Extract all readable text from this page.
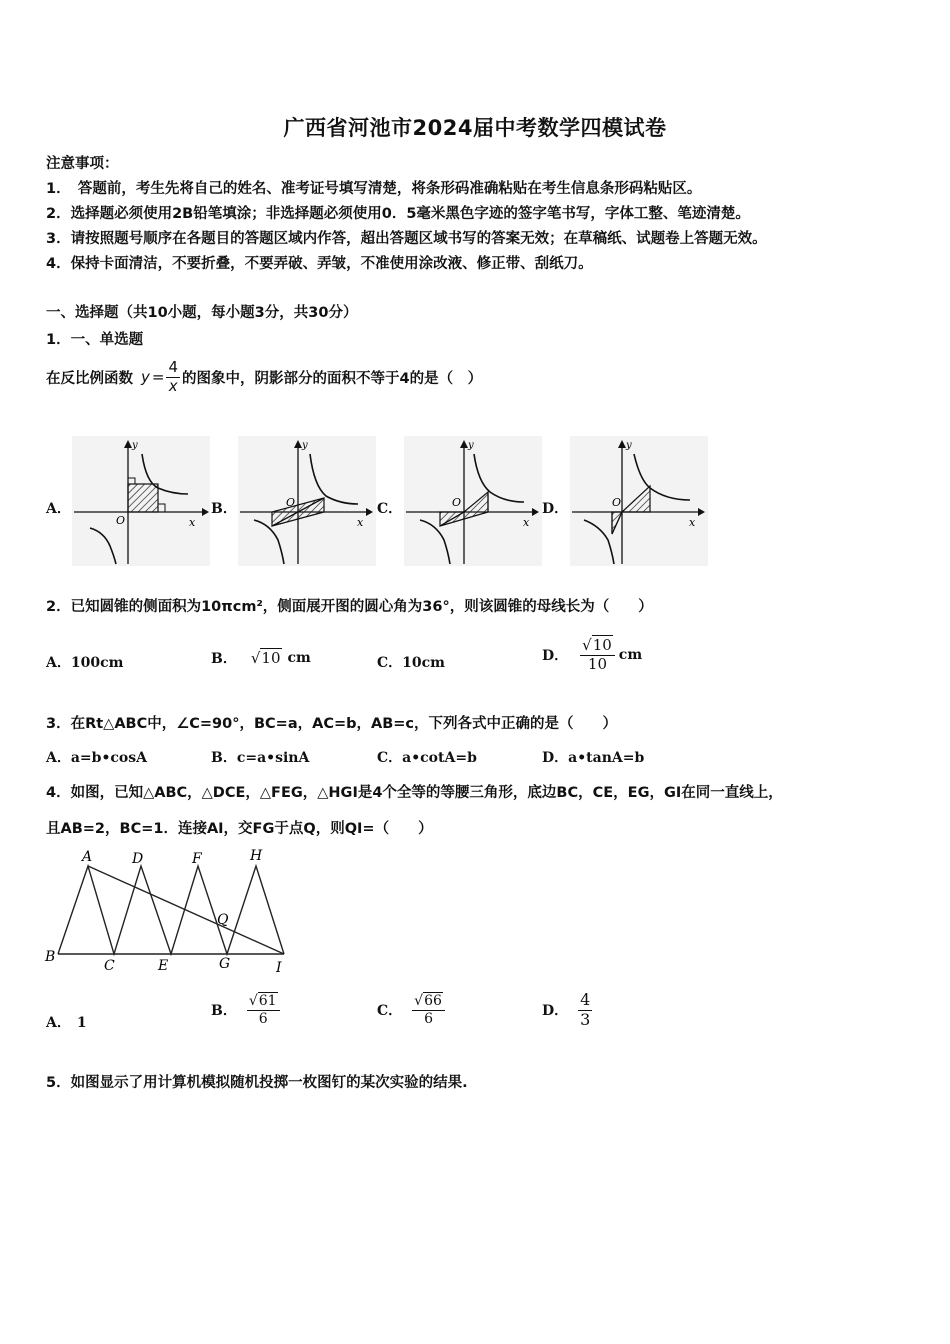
广西省河池市2024届中考数学四模试卷
注意事项：
1．　答题前，考生先将自己的姓名、准考证号填写清楚，将条形码准确粘贴在考生信息条形码粘贴区。
2．选择题必须使用2B铅笔填涂；非选择题必须使用0．5毫米黑色字迹的签字笔书写，字体工整、笔迹清楚。
3．请按照题号顺序在各题目的答题区域内作答，超出答题区域书写的答案无效；在草稿纸、试题卷上答题无效。
4．保持卡面清洁，不要折叠，不要弄破、弄皱，不准使用涂改液、修正带、刮纸刀。
一、选择题（共10小题，每小题3分，共30分）
1．一、单选题
在反比例函数 $y = \frac{4}{x}$ 的图象中，阴影部分的面积不等于4的是（　）
A．	B．	C．	D．
y
x
O
y
x
O
y
x
O
y
x
O
2．已知圆锥的侧面积为10πcm²，侧面展开图的圆心角为36°，则该圆锥的母线长为（　　）
A．100cm	B． √10 cm	C．10cm	D． $\frac{√10}{10}$ cm
3．在Rt△ABC中，∠C=90°，BC=a，AC=b，AB=c，下列各式中正确的是（　　）
A．a=b•cosA	B．c=a•sinA	C．a•cotA=b	D．a•tanA=b
4．如图，已知△ABC，△DCE，△FEG，△HGI是4个全等的等腰三角形，底边BC，CE，EG，GI在同一直线上，
且AB=2，BC=1．连接AI，交FG于点Q，则QI=（　　）
A	D	F	H
B
C	E	G	I
Q
A． 1
B． $\frac{√61}{6}$	C． $\frac{√66}{6}$	D． $\frac{4}{3}$
5．如图显示了用计算机模拟随机投掷一枚图钉的某次实验的结果.
